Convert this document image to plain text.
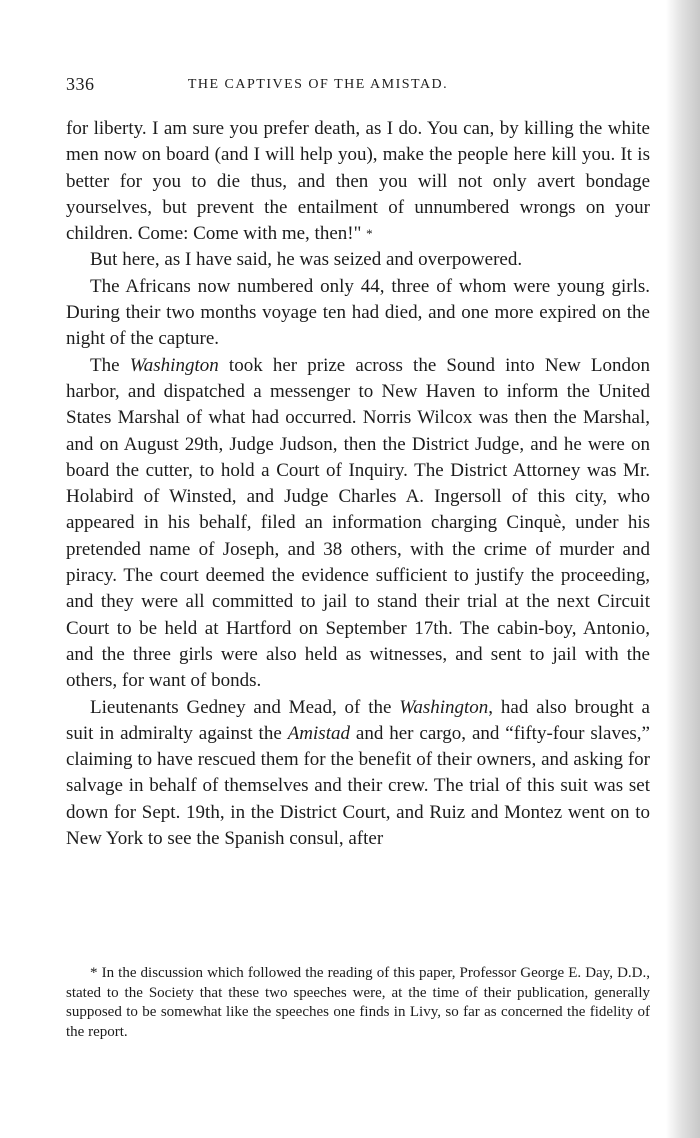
336	THE CAPTIVES OF THE AMISTAD.

for liberty. I am sure you prefer death, as I do. You can, by killing the white men now on board (and I will help you), make the people here kill you. It is better for you to die thus, and then you will not only avert bondage yourselves, but prevent the entailment of unnumbered wrongs on your children. Come: Come with me, then!" *

But here, as I have said, he was seized and overpowered.

The Africans now numbered only 44, three of whom were young girls. During their two months voyage ten had died, and one more expired on the night of the capture.

The Washington took her prize across the Sound into New London harbor, and dispatched a messenger to New Haven to inform the United States Marshal of what had occurred. Norris Wilcox was then the Marshal, and on August 29th, Judge Judson, then the District Judge, and he were on board the cutter, to hold a Court of Inquiry. The District Attorney was Mr. Holabird of Winsted, and Judge Charles A. Ingersoll of this city, who appeared in his behalf, filed an information charging Cinquè, under his pretended name of Joseph, and 38 others, with the crime of murder and piracy. The court deemed the evidence sufficient to justify the proceeding, and they were all committed to jail to stand their trial at the next Circuit Court to be held at Hartford on September 17th. The cabin-boy, Antonio, and the three girls were also held as witnesses, and sent to jail with the others, for want of bonds.

Lieutenants Gedney and Mead, of the Washington, had also brought a suit in admiralty against the Amistad and her cargo, and “fifty-four slaves,” claiming to have rescued them for the benefit of their owners, and asking for salvage in behalf of themselves and their crew. The trial of this suit was set down for Sept. 19th, in the District Court, and Ruiz and Montez went on to New York to see the Spanish consul, after

* In the discussion which followed the reading of this paper, Professor George E. Day, D.D., stated to the Society that these two speeches were, at the time of their publication, generally supposed to be somewhat like the speeches one finds in Livy, so far as concerned the fidelity of the report.
